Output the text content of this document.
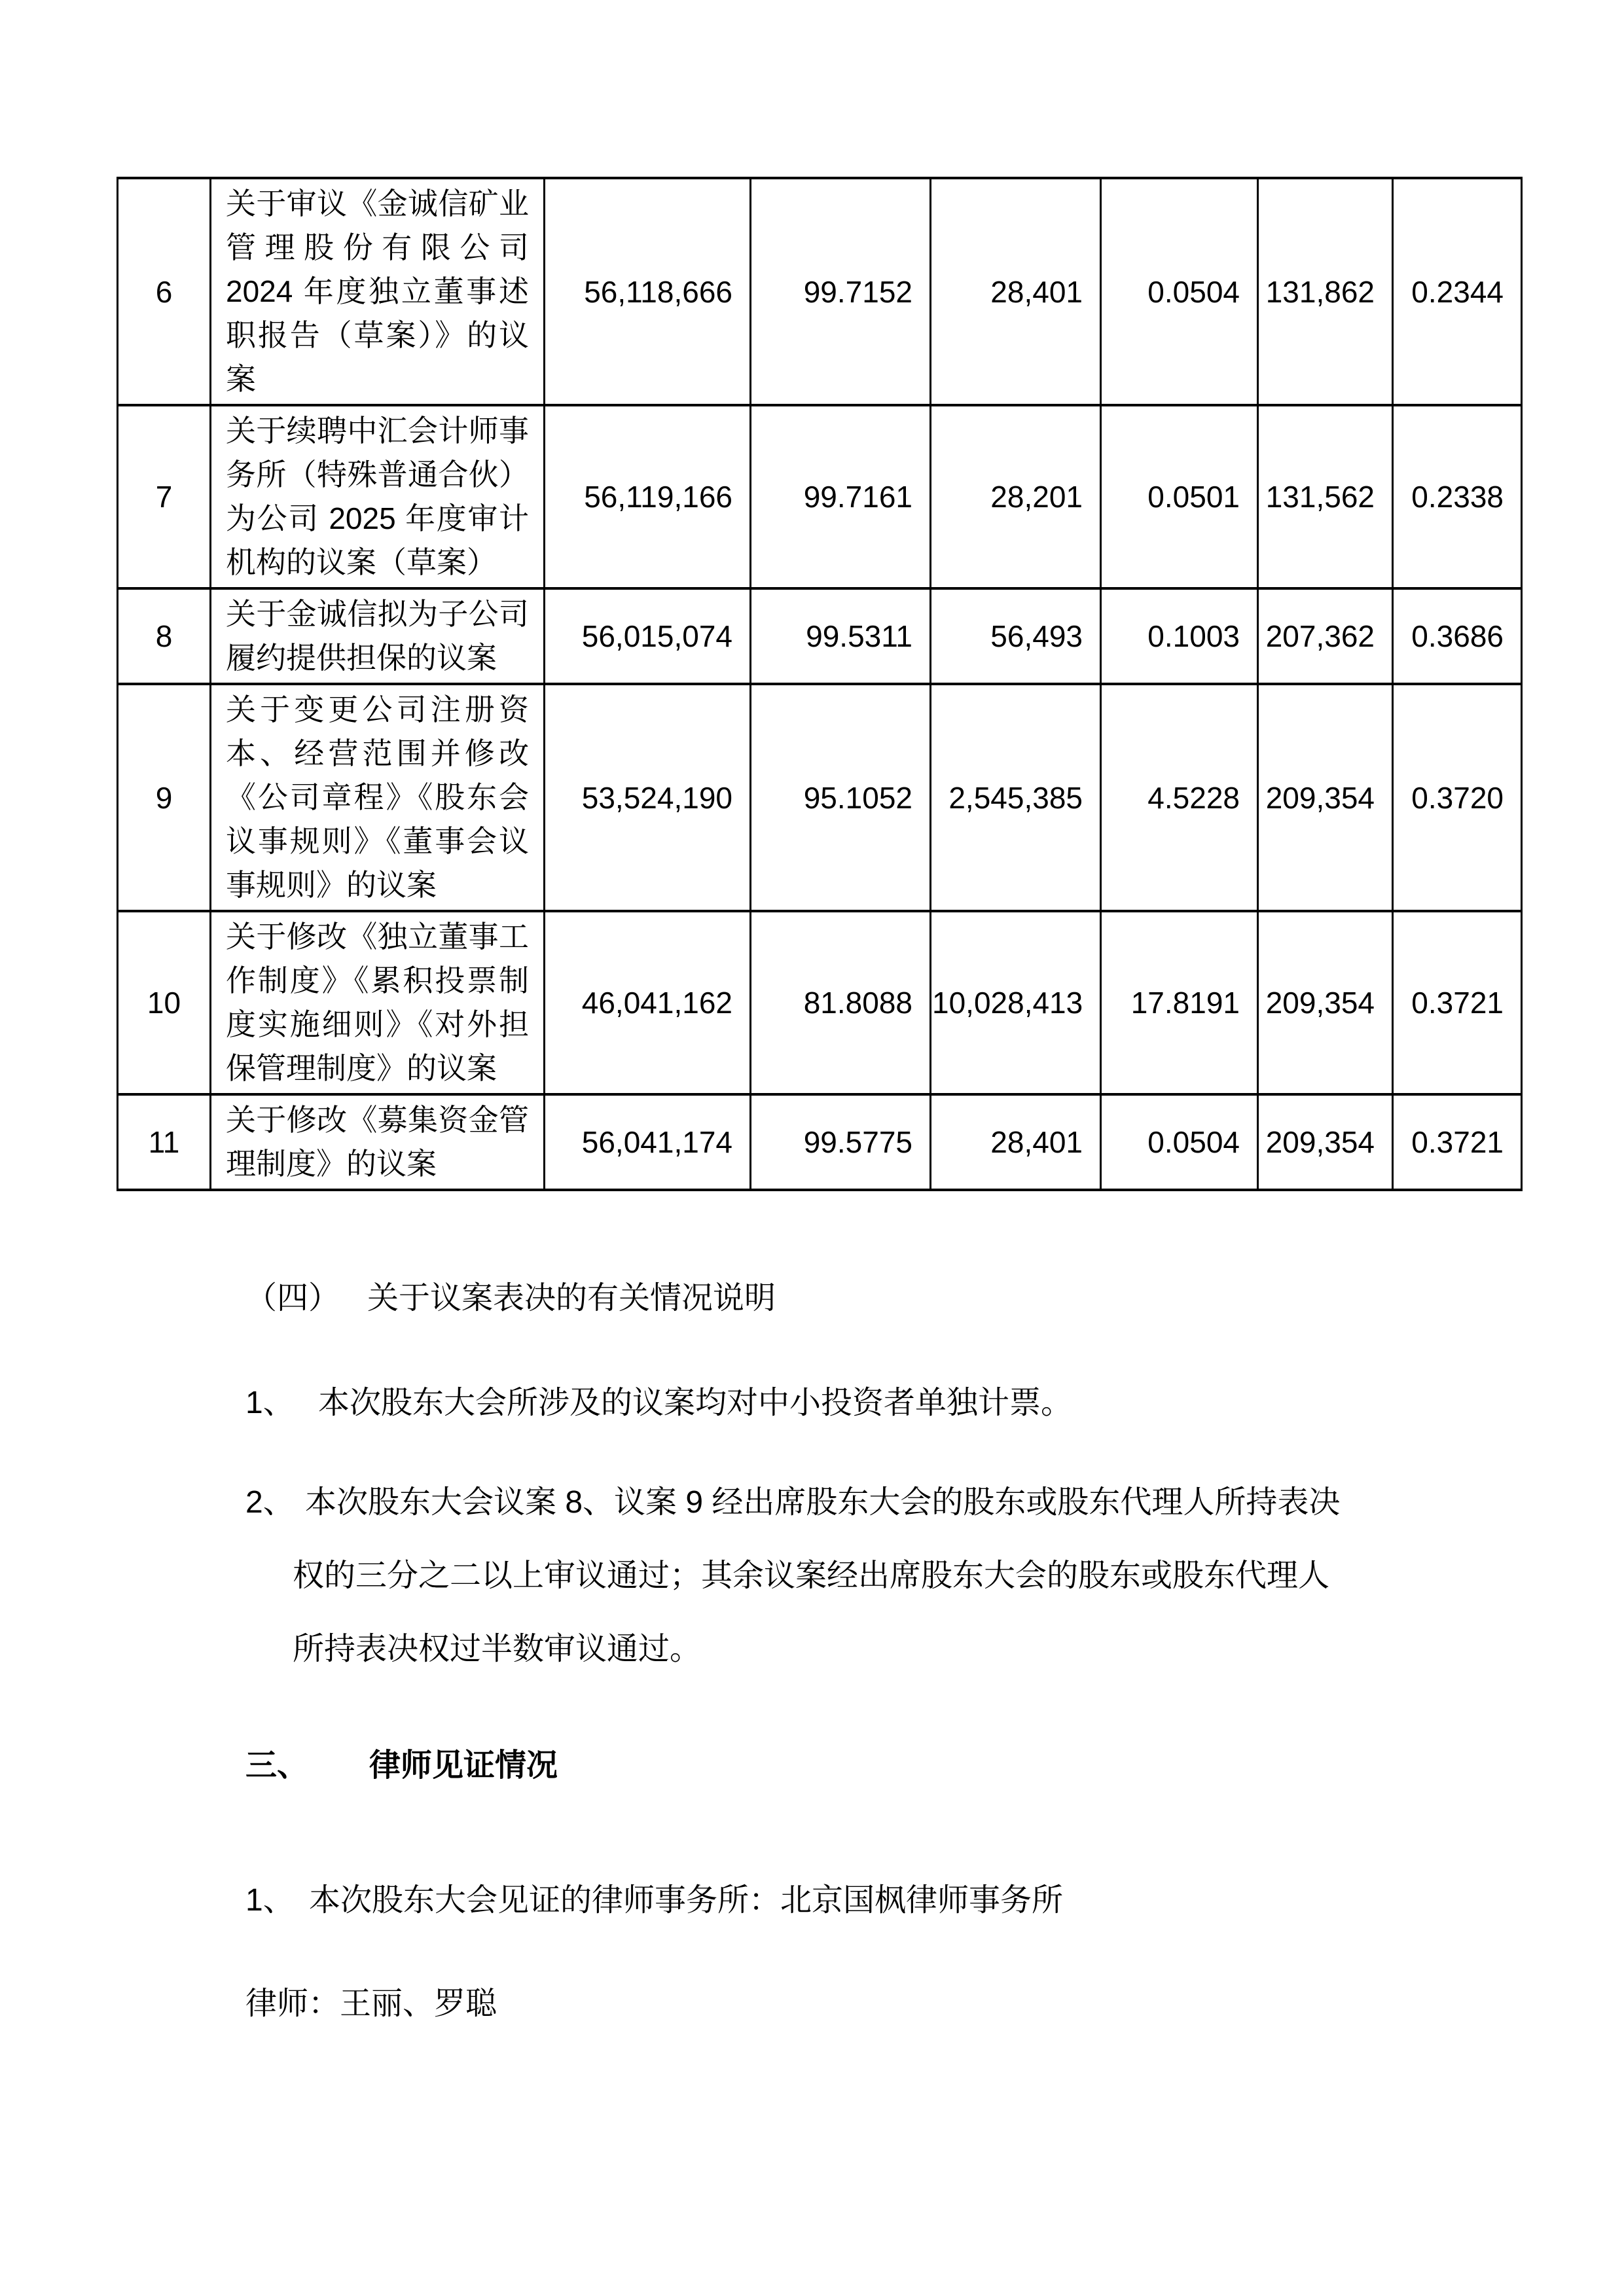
6	关于审议《金诚信矿业管理股份有限公司 2024 年度独立董事述职报告（草案）》的议案	56,118,666	99.7152	28,401	0.0504	131,862	0.2344
7	关于续聘中汇会计师事务所（特殊普通合伙）为公司 2025 年度审计机构的议案（草案）	56,119,166	99.7161	28,201	0.0501	131,562	0.2338
8	关于金诚信拟为子公司履约提供担保的议案	56,015,074	99.5311	56,493	0.1003	207,362	0.3686
9	关于变更公司注册资本、经营范围并修改《公司章程》《股东会议事规则》《董事会议事规则》的议案	53,524,190	95.1052	2,545,385	4.5228	209,354	0.3720
10	关于修改《独立董事工作制度》《累积投票制度实施细则》《对外担保管理制度》的议案	46,041,162	81.8088	10,028,413	17.8191	209,354	0.3721
11	关于修改《募集资金管理制度》的议案	56,041,174	99.5775	28,401	0.0504	209,354	0.3721
（四） 关于议案表决的有关情况说明
1、 本次股东大会所涉及的议案均对中小投资者单独计票。
2、 本次股东大会议案 8、议案 9 经出席股东大会的股东或股东代理人所持表决
权的三分之二以上审议通过；其余议案经出席股东大会的股东或股东代理人
所持表决权过半数审议通过。
三、	律师见证情况
1、 本次股东大会见证的律师事务所：北京国枫律师事务所
律师：王丽、罗聪
